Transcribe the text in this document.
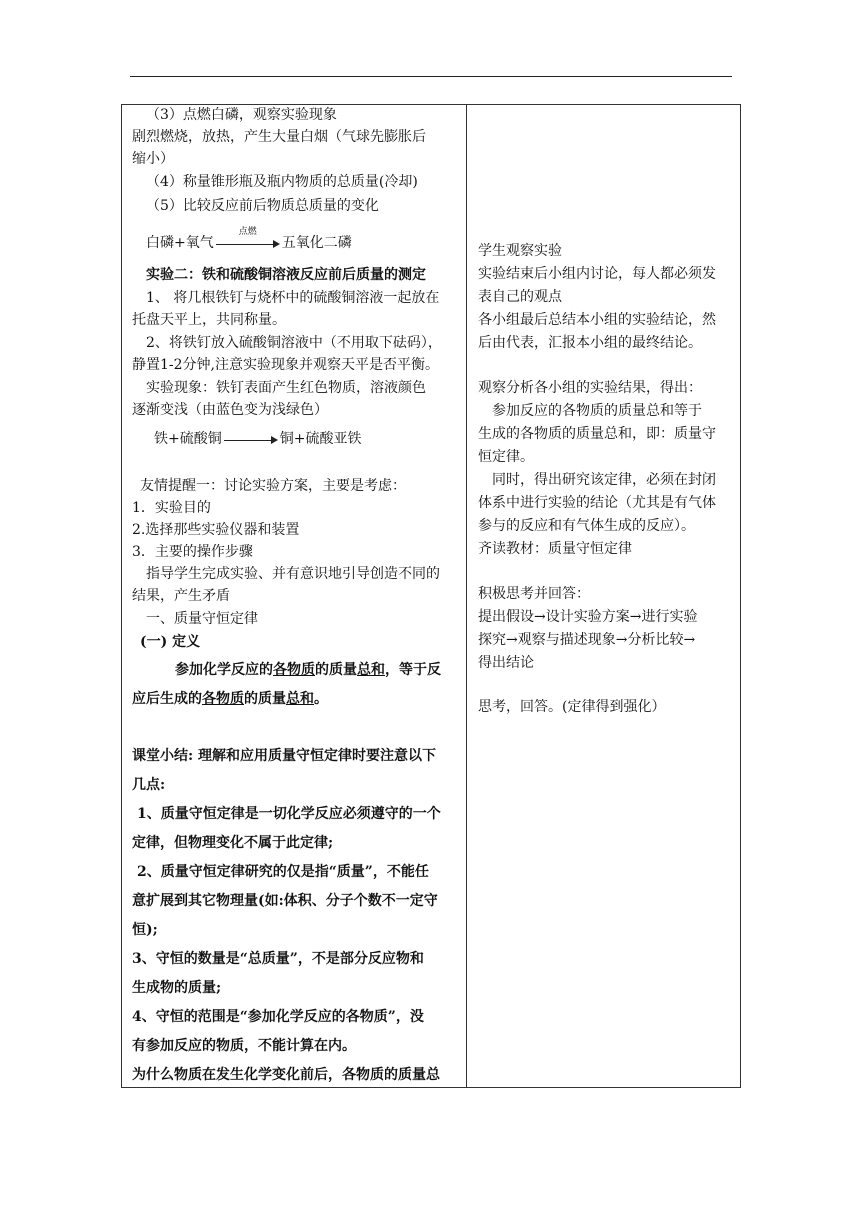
（3）点燃白磷，观察实验现象
剧烈燃烧，放热，产生大量白烟（气球先膨胀后
缩小）
（4）称量锥形瓶及瓶内物质的总质量(冷却)
（5）比较反应前后物质总质量的变化
白磷+氧气
点燃
五氧化二磷
实验二：铁和硫酸铜溶液反应前后质量的测定
1、 将几根铁钉与烧杯中的硫酸铜溶液一起放在
托盘天平上，共同称量。
2、将铁钉放入硫酸铜溶液中（不用取下砝码），
静置1-2分钟,注意实验现象并观察天平是否平衡。
实验现象：铁钉表面产生红色物质，溶液颜色
逐渐变浅（由蓝色变为浅绿色）
铁+硫酸铜	铜+硫酸亚铁
友情提醒一：讨论实验方案，主要是考虑：
1．实验目的
2.选择那些实验仪器和装置
3．主要的操作步骤
指导学生完成实验、并有意识地引导创造不同的
结果，产生矛盾
一、质量守恒定律
(一) 定义
参加化学反应的各物质的质量总和，等于反
应后生成的各物质的质量总和。
课堂小结: 理解和应用质量守恒定律时要注意以下
几点:
1、质量守恒定律是一切化学反应必须遵守的一个
定律，但物理变化不属于此定律;
2、质量守恒定律研究的仅是指“质量”，不能任
意扩展到其它物理量(如:体积、分子个数不一定守
恒);
3、守恒的数量是“总质量”，不是部分反应物和
生成物的质量;
4、守恒的范围是“参加化学反应的各物质”，没
有参加反应的物质，不能计算在内。
为什么物质在发生化学变化前后，各物质的质量总
学生观察实验
实验结束后小组内讨论，每人都必须发
表自己的观点
各小组最后总结本小组的实验结论，然
后由代表，汇报本小组的最终结论。
观察分析各小组的实验结果，得出：
参加反应的各物质的质量总和等于
生成的各物质的质量总和，即：质量守
恒定律。
同时，得出研究该定律，必须在封闭
体系中进行实验的结论（尤其是有气体
参与的反应和有气体生成的反应）。
齐读教材：质量守恒定律
积极思考并回答：
提出假设→设计实验方案→进行实验
探究→观察与描述现象→分析比较→
得出结论
思考，回答。(定律得到强化）
